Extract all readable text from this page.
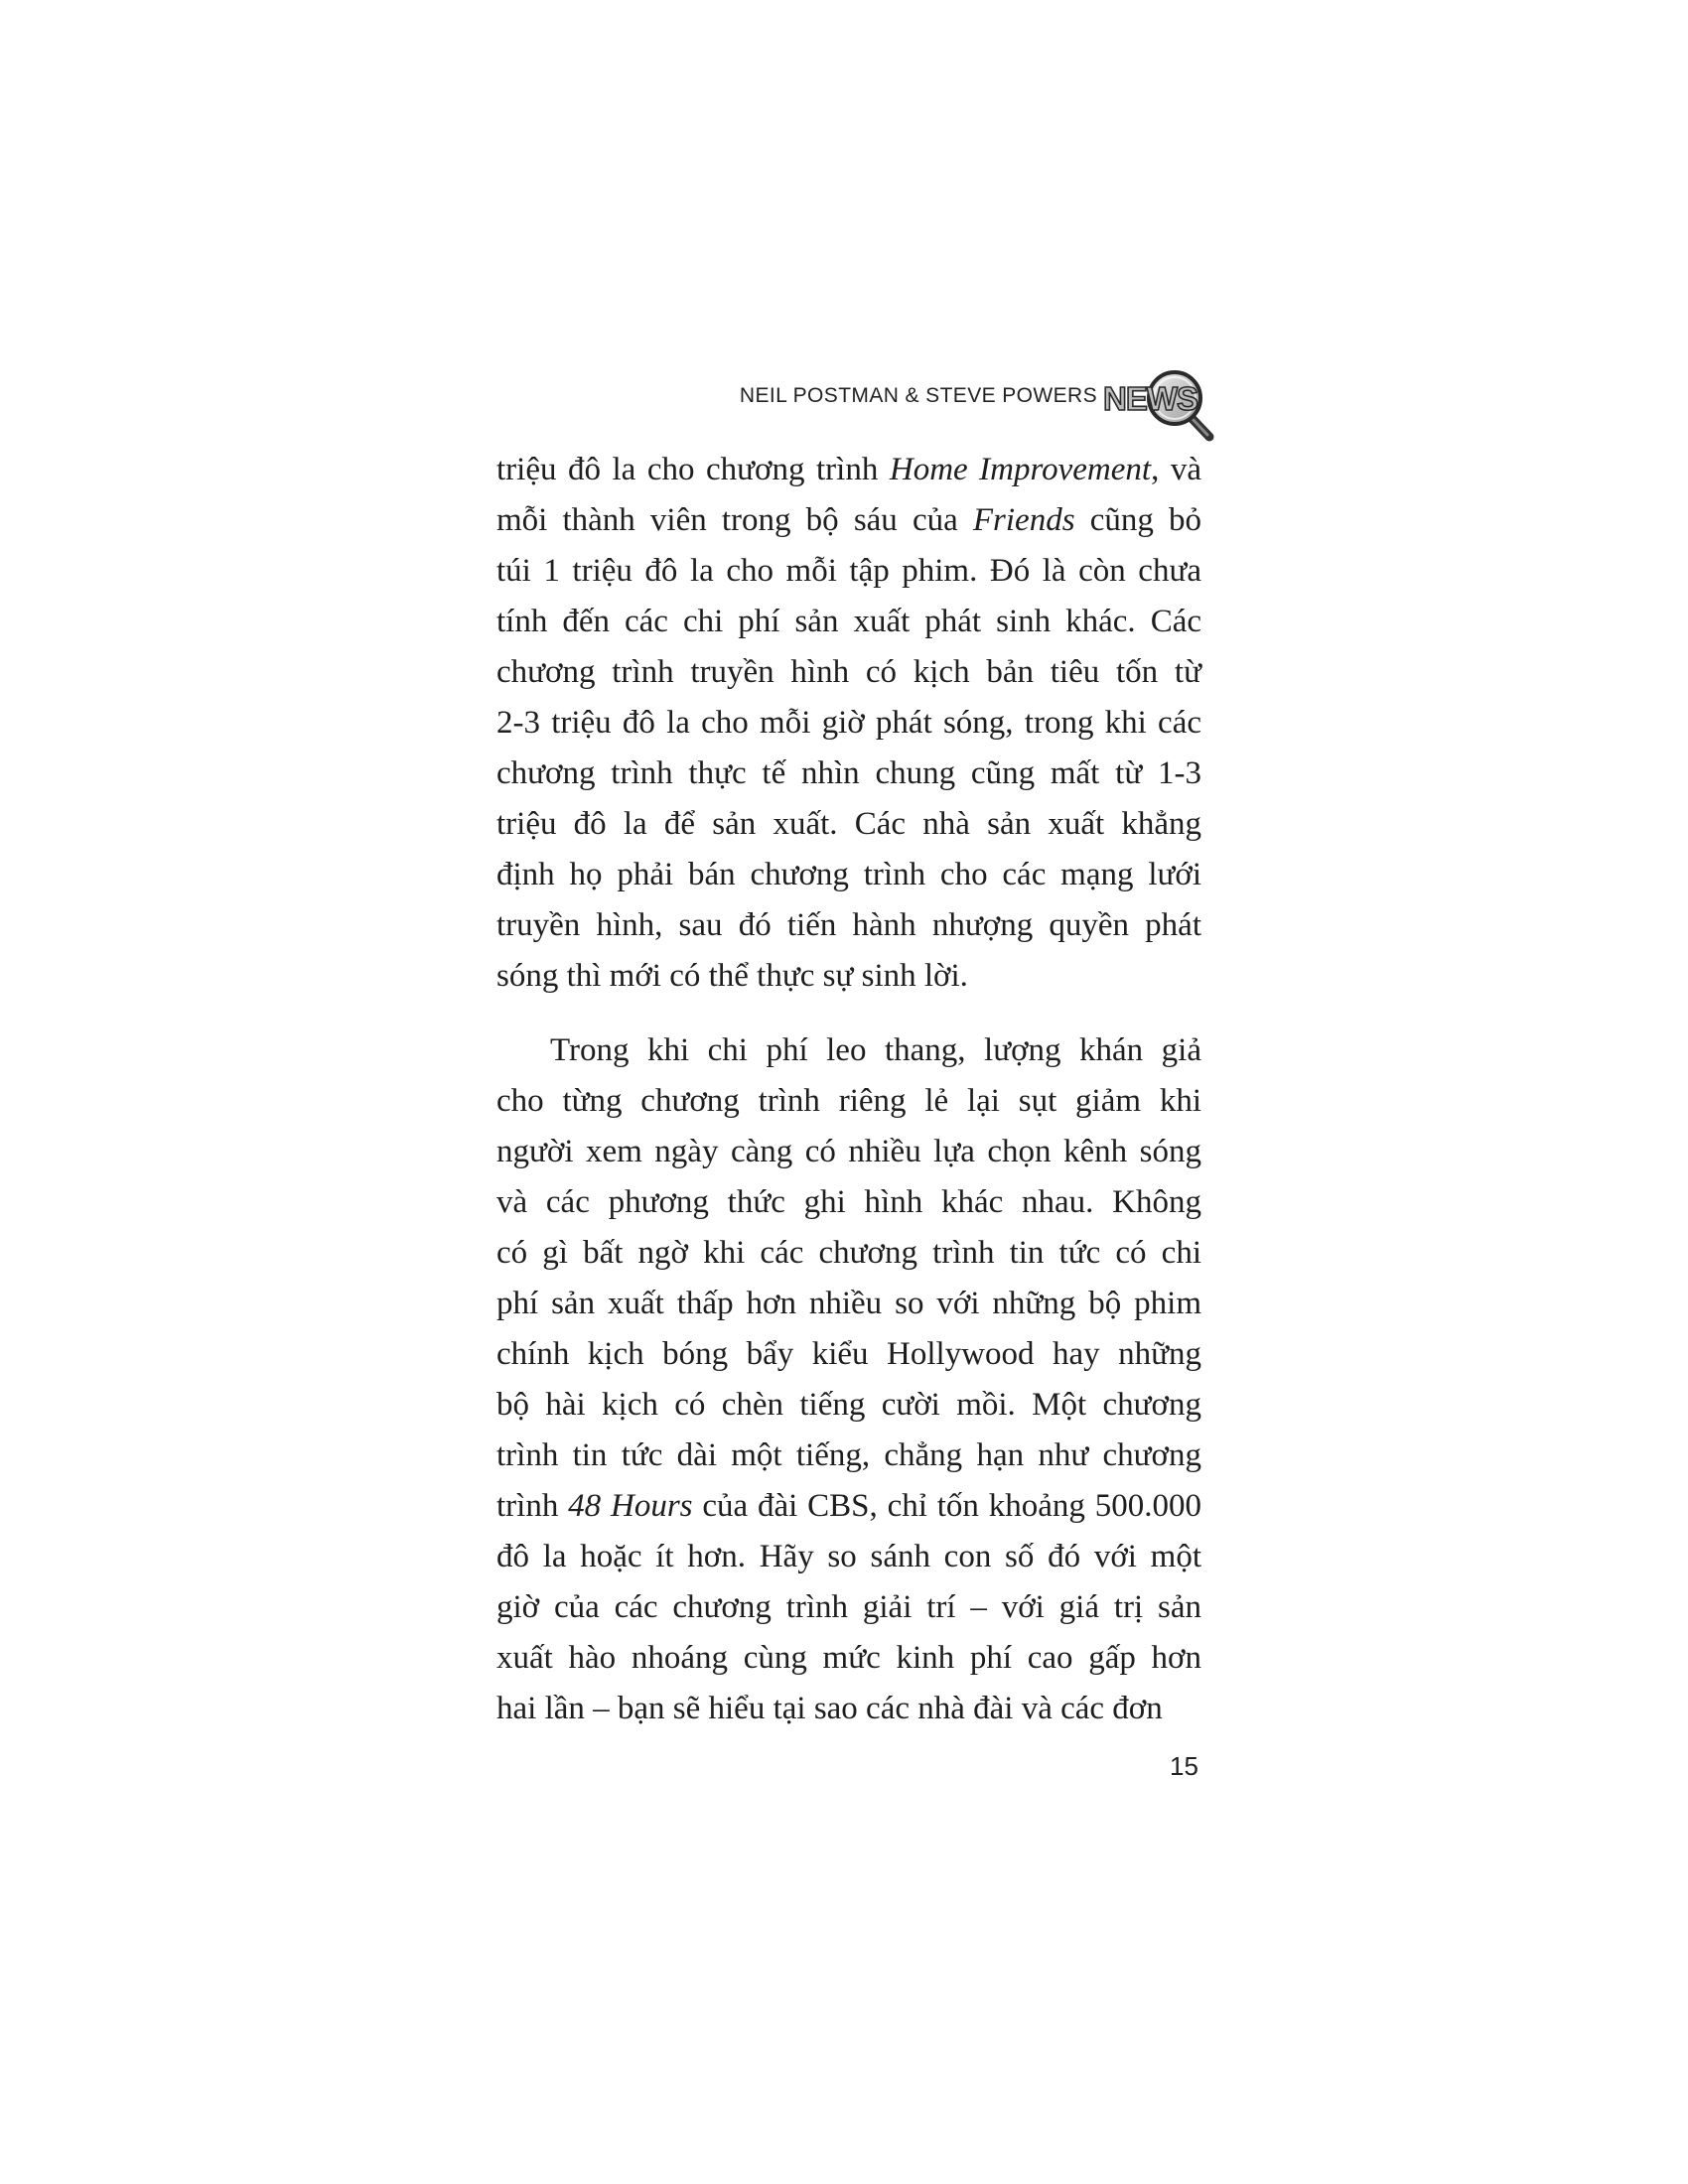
NEIL POSTMAN & STEVE POWERS NEWS

triệu đô la cho chương trình Home Improvement, và
mỗi thành viên trong bộ sáu của Friends cũng bỏ
túi 1 triệu đô la cho mỗi tập phim. Đó là còn chưa
tính đến các chi phí sản xuất phát sinh khác. Các
chương trình truyền hình có kịch bản tiêu tốn từ
2-3 triệu đô la cho mỗi giờ phát sóng, trong khi các
chương trình thực tế nhìn chung cũng mất từ 1-3
triệu đô la để sản xuất. Các nhà sản xuất khẳng
định họ phải bán chương trình cho các mạng lưới
truyền hình, sau đó tiến hành nhượng quyền phát
sóng thì mới có thể thực sự sinh lời.

Trong khi chi phí leo thang, lượng khán giả
cho từng chương trình riêng lẻ lại sụt giảm khi
người xem ngày càng có nhiều lựa chọn kênh sóng
và các phương thức ghi hình khác nhau. Không
có gì bất ngờ khi các chương trình tin tức có chi
phí sản xuất thấp hơn nhiều so với những bộ phim
chính kịch bóng bẩy kiểu Hollywood hay những
bộ hài kịch có chèn tiếng cười mồi. Một chương
trình tin tức dài một tiếng, chẳng hạn như chương
trình 48 Hours của đài CBS, chỉ tốn khoảng 500.000
đô la hoặc ít hơn. Hãy so sánh con số đó với một
giờ của các chương trình giải trí – với giá trị sản
xuất hào nhoáng cùng mức kinh phí cao gấp hơn
hai lần – bạn sẽ hiểu tại sao các nhà đài và các đơn

15
